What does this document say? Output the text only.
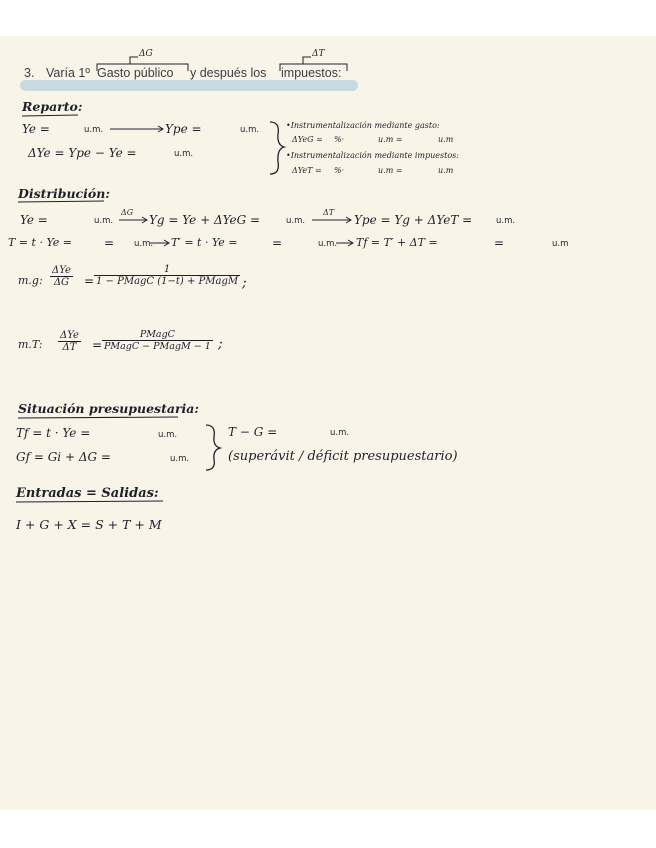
3. Varía 1º Gasto público y después los impuestos:
ΔG	ΔT
Reparto:
Ye =	u.m.	Ype =	u.m.
ΔYe = Ype − Ye =	u.m.
•Instrumentalización mediante gasto:
ΔYeG = %·	u.m =	u.m
•Instrumentalización mediante impuestos:
ΔYeT = %·	u.m =	u.m
Distribución:
Ye =	u.m.
ΔG
Yg = Ye + ΔYeG =	u.m.
ΔT
Ype = Yg + ΔYeT =	u.m.
T = t · Ye =	= u.m. T′ = t · Ye =	=	u.m. Tf = T′ + ΔT =	=	u.m
m.g:
ΔYe
ΔG	=
1
1 − PMagC (1−t) + PMagM ;
m.T:
ΔYe
ΔT	=
PMagC
PMagC − PMagM − 1 ;
Situación presupuestaria:
Tf = t · Ye =	u.m.
Gf = Gi + ΔG =	u.m.
T − G =	u.m.
(superávit / déficit presupuestario)
Entradas = Salidas:
I + G + X = S + T + M
